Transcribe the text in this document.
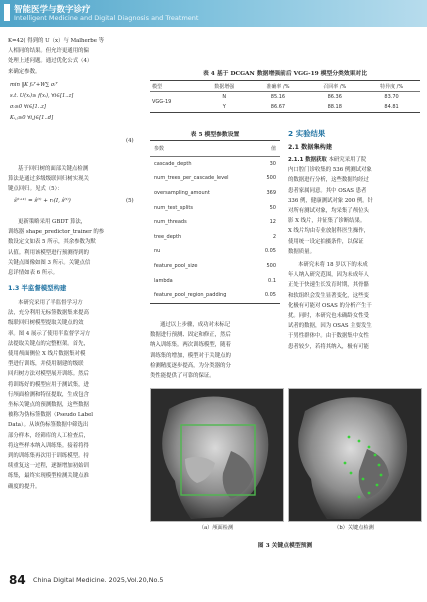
智能医学与数字诊疗
Intelligent Medicine and Digital Diagnosis and Treatment
K=42( 得到的 U（x）与 Malherbe 等
人相同的结果。但允许更通用的偏
处理上述问题。通过优化公式（4）
来确定参数。
min ‖K f₀ᵀ+W∑ σᵢᵀ
s.t. U(xᵢ)≥ f(xᵢ), ∀i∈[1..z]
σᵢ≥0 ∀i∈[1..z]
Kᵢ,ⱼ≥0 ∀i,j∈[1..d]
(4)
基于回归树的面部关键点检测
算法是通过多级级联回归树实现关
键点回归。见式（5）：
ŝ⁽ᵗ⁺¹⁾ = ŝ⁽ᵗ⁾ + rₜ(I, ŝ⁽ᵗ⁾)	(5)
更新策略采用 GBDT 算法，
训练器 shape_predictor_trainer 的参
数设定文如表 5 所示，其余参数为默
认值。利用该模型进行预测得到的
关键点图像如图 3 所示。关键点信
息详情如表 6 所示。
1.3 半监督模型构建
本研究采用了半监督学习方
法，充分利用无标签数据集来提高
级联回归树模型提取关键点的效
率。图 4 展示了使用半监督学习方
法提取关键点的完整框架。首先，
使用颅面侧位 X 线片数据集对模
型进行训练，并使用制建的级联
回归树方法对模型展开训练。然后
将训练好的模型应用于测试集，进
行颅面检测和特征提取，生成包含
坐标关键点的预测数据，这些数据
被称为伪标签数据（Pseudo Label
Data）。从该伪标签数据中筛选出
部分样本，经筛库的人工检查后，
将这些样本纳入训练集。接着将得
到的训练集再次用于训练模型。持
续重复这一过程，逐渐增加初始训
练集，最终实现模型检测关键点准
确度的提升。
表 4 基于 DCGAN 数据增强前后 VGG-19 模型分类效果对比
模型	数据增强	准确率 /%	召回率 /%	特异度 /%
VGG-19	N	85.16	86.36	83.70
	Y	86.67	88.18	84.81
表 5 模型参数设置
参数	值
cascade_depth	30
num_trees_per_cascade_level	500
oversampling_amount	369
num_test_splits	50
num_threads	12
tree_depth	2
nu	0.05
feature_pool_size	500
lambda	0.1
feature_pool_region_padding	0.05
通过以上步骤，成功对未标记
数据进行预测、固定和修正，然后
纳入训练集。两次训练模型，随着
训练集的增加，模型对于关键点的
检测精度逐步提高，为分类器的分
类性能提供了可靠的保证。
2 实验结果
2.1 数据集构建
2.1.1 数据获取 本研究采用了院
内口腔门诊收集的 536 例测试对象
的数据进行分析，这些数据均经过
患者家属同意。其中 OSAS 患者
336 例，健康测试对象 200 例。针
对所有测试对象，均采集了颅位头
影 X 线片，并征集了诊断结果。
X 线片均由专业放射科医生操作，
使用统一设定拍摄条件，以保证
数据质量。
本研究未将 18 岁以下的未成
年人纳入研究范围，因为未成年人
正处于快速生长发育时期，其骨骼
和软组织会发生显著变化，这些变
化极有可能对 OSAS 的分析产生干
扰。同时，本研究也未确龄女性受
试者的数据，因为 OSAS 主要发生
于男性群体中。由于数据集中女性
患者较少，若将其纳入，极有可能
（a）颅面检测	（b）关键点检测
图 3 关键点模型预测
84 China Digital Medicine. 2025,Vol.20,No.5
